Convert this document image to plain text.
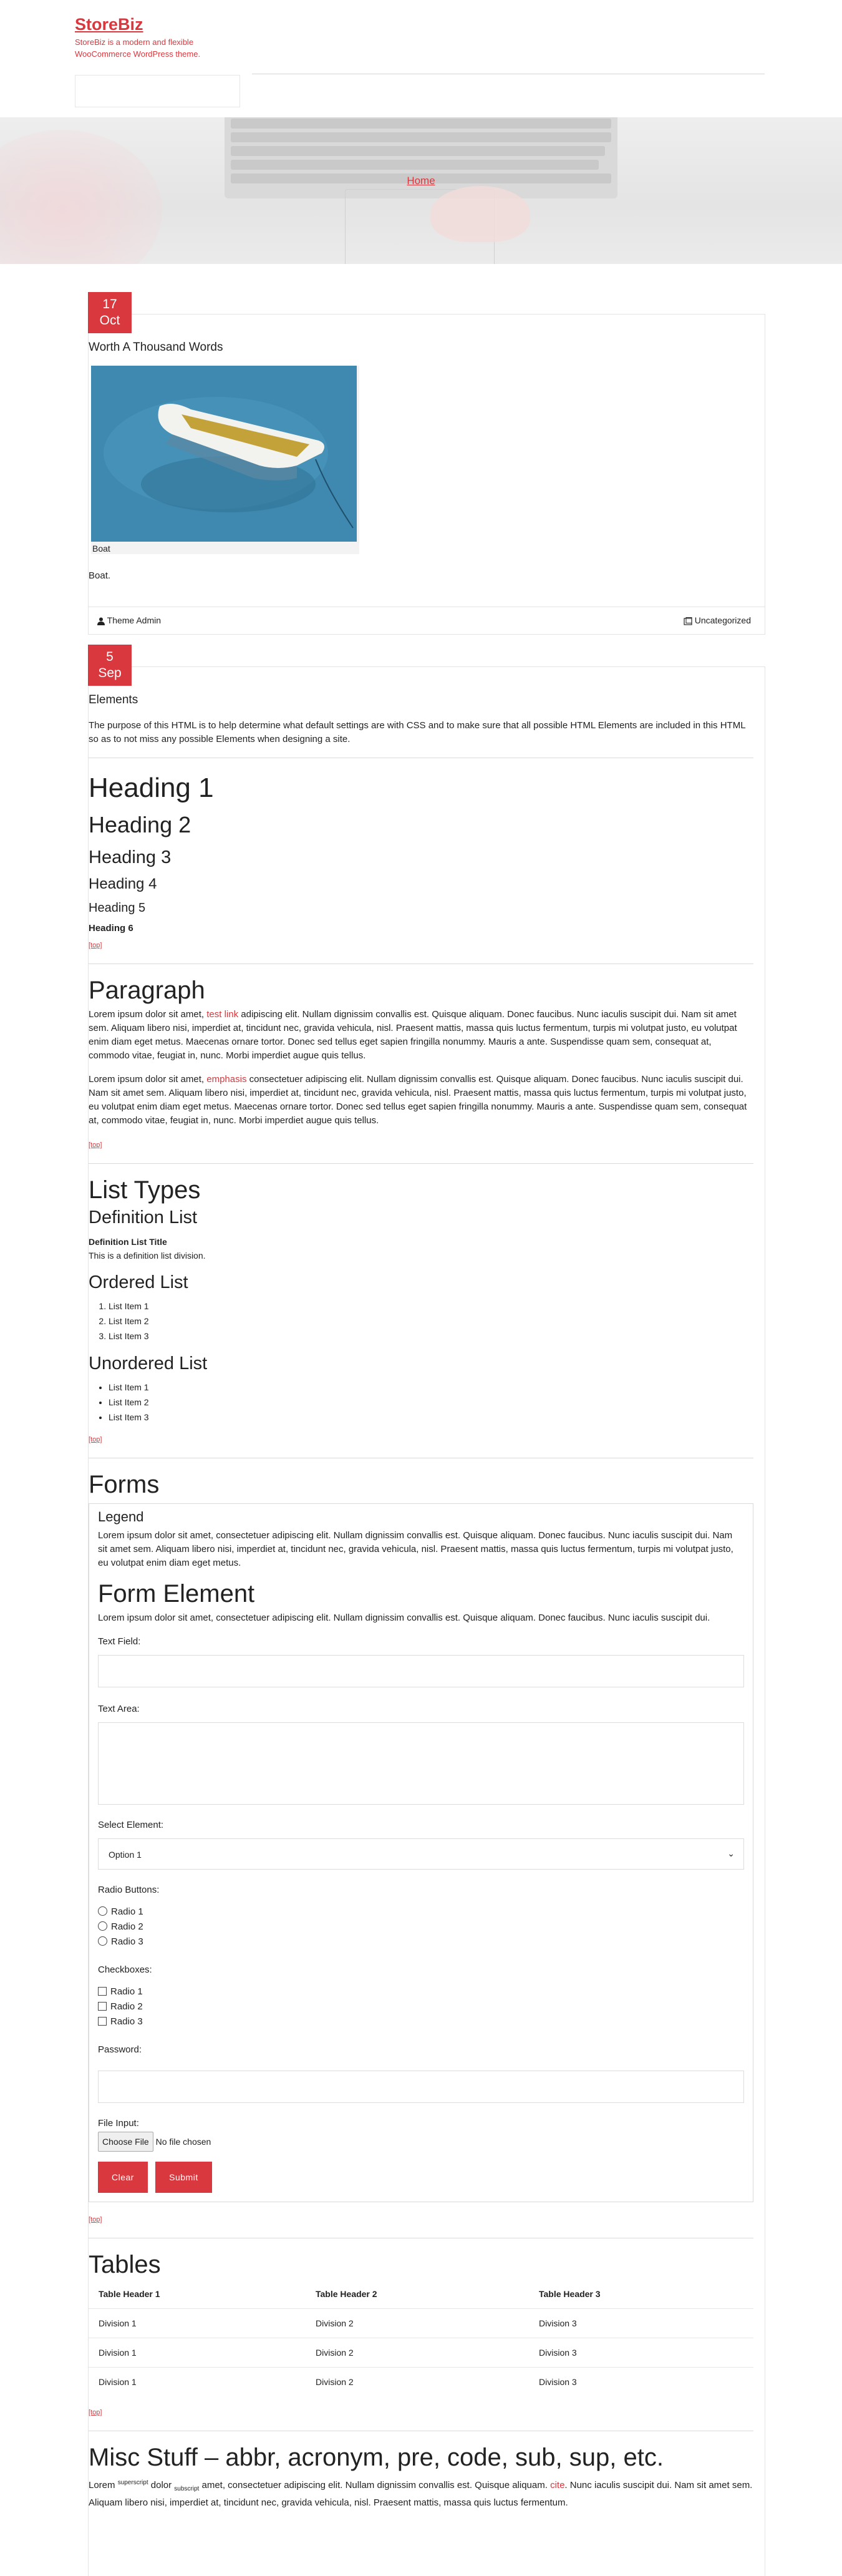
StoreBiz
StoreBiz is a modern and flexible WooCommerce WordPress theme.
Home
Theme Admin	Uncategorized
17
Oct
Worth A Thousand Words
Boat
Boat.
5
Sep
Elements

The purpose of this HTML is to help determine what default settings are with CSS and to make sure that all possible HTML Elements are included in this HTML so as to not miss any possible Elements when designing a site.

Heading 1
Heading 2
Heading 3
Heading 4
Heading 5
Heading 6
[top]
Paragraph

Lorem ipsum dolor sit amet, test link adipiscing elit. Nullam dignissim convallis est. Quisque aliquam. Donec faucibus. Nunc iaculis suscipit dui. Nam sit amet sem. Aliquam libero nisi, imperdiet at, tincidunt nec, gravida vehicula, nisl. Praesent mattis, massa quis luctus fermentum, turpis mi volutpat justo, eu volutpat enim diam eget metus. Maecenas ornare tortor. Donec sed tellus eget sapien fringilla nonummy. Mauris a ante. Suspendisse quam sem, consequat at, commodo vitae, feugiat in, nunc. Morbi imperdiet augue quis tellus.

Lorem ipsum dolor sit amet, emphasis consectetuer adipiscing elit. Nullam dignissim convallis est. Quisque aliquam. Donec faucibus. Nunc iaculis suscipit dui. Nam sit amet sem. Aliquam libero nisi, imperdiet at, tincidunt nec, gravida vehicula, nisl. Praesent mattis, massa quis luctus fermentum, turpis mi volutpat justo, eu volutpat enim diam eget metus. Maecenas ornare tortor. Donec sed tellus eget sapien fringilla nonummy. Mauris a ante. Suspendisse quam sem, consequat at, commodo vitae, feugiat in, nunc. Morbi imperdiet augue quis tellus.

[top]
List Types
Definition List
Definition List Title
This is a definition list division.
Ordered List
1. List Item 1
2. List Item 2
3. List Item 3
Unordered List
• List Item 1
• List Item 2
• List Item 3
[top]
Forms
Legend

Lorem ipsum dolor sit amet, consectetuer adipiscing elit. Nullam dignissim convallis est. Quisque aliquam. Donec faucibus. Nunc iaculis suscipit dui. Nam sit amet sem. Aliquam libero nisi, imperdiet at, tincidunt nec, gravida vehicula, nisl. Praesent mattis, massa quis luctus fermentum, turpis mi volutpat justo, eu volutpat enim diam eget metus.

Form Element

Lorem ipsum dolor sit amet, consectetuer adipiscing elit. Nullam dignissim convallis est. Quisque aliquam. Donec faucibus. Nunc iaculis suscipit dui.

Text Field:
Text Area:
Select Element:
Option 1	⌄
Radio Buttons:
Radio 1
Radio 2
Radio 3
Checkboxes:
Radio 1
Radio 2
Radio 3
Password:
File Input:
Choose File No file chosen
Clear	Submit
[top]
Tables
Table Header 1	Table Header 2	Table Header 3
Division 1	Division 2	Division 3
Division 1	Division 2	Division 3
Division 1	Division 2	Division 3
[top]
Misc Stuff – abbr, acronym, pre, code, sub, sup, etc.

Lorem $^{superscript}$ dolor $_{subscript}$ amet, consectetuer adipiscing elit. Nullam dignissim convallis est. Quisque aliquam. cite. Nunc iaculis suscipit dui. Nam sit amet sem. Aliquam libero nisi, imperdiet at, tincidunt nec, gravida vehicula, nisl. Praesent mattis, massa quis luctus fermentum.
